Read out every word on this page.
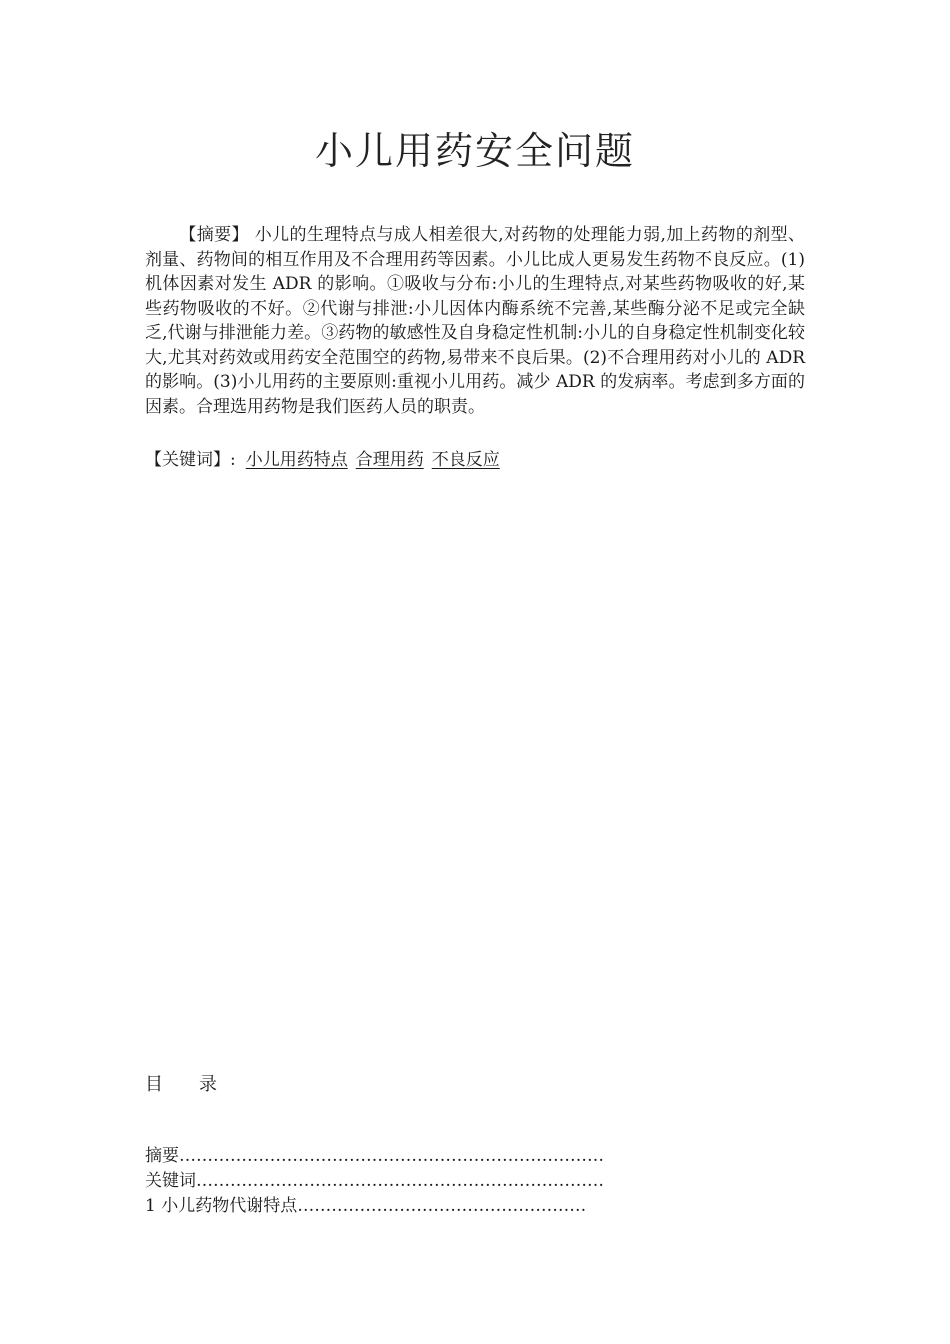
小儿用药安全问题

【摘要】 小儿的生理特点与成人相差很大,对药物的处理能力弱,加上药物的剂型、剂量、药物间的相互作用及不合理用药等因素。小儿比成人更易发生药物不良反应。(1)机体因素对发生 ADR 的影响。①吸收与分布:小儿的生理特点,对某些药物吸收的好,某些药物吸收的不好。②代谢与排泄:小儿因体内酶系统不完善,某些酶分泌不足或完全缺乏,代谢与排泄能力差。③药物的敏感性及自身稳定性机制:小儿的自身稳定性机制变化较大,尤其对药效或用药安全范围空的药物,易带来不良后果。(2)不合理用药对小儿的 ADR 的影响。(3)小儿用药的主要原则:重视小儿用药。减少 ADR 的发病率。考虑到多方面的因素。合理选用药物是我们医药人员的职责。

【关键词】: 小儿用药特点 合理用药 不良反应

目　　录
摘要…………………………………………………………………
关键词………………………………………………………………
1 小儿药物代谢特点……………………………………………
